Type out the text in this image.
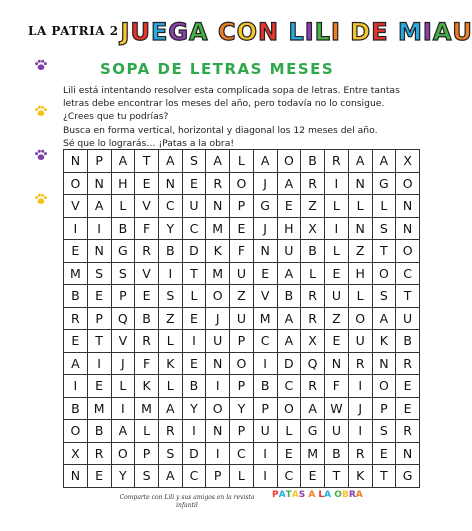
LA PATRIA 2 JUEGA CON LILI DE MIAU
SOPA DE LETRAS MESES

Lili está intentando resolver esta complicada sopa de letras. Entre tantas letras debe encontrar los meses del año, pero todavía no lo consigue. ¿Crees que tu podrías?

Busca en forma vertical, horizontal y diagonal los 12 meses del año.

Sé que lo lograrás… ¡Patas a la obra!

N	P	A	T	A	S	A	L	A	O	B	R	A	A	X
O	N	H	E	N	E	R	O	J	A	R	I	N	G	O
V	A	L	V	C	U	N	P	G	E	Z	L	L	L	N
I	I	B	F	Y	C	M	E	J	H	X	I	N	S	N
E	N	G	R	B	D	K	F	N	U	B	L	Z	T	O
M	S	S	V	I	T	M	U	E	A	L	E	H	O	C
B	E	P	E	S	L	O	Z	V	B	R	U	L	S	T
R	P	Q	B	Z	E	J	U	M	A	R	Z	O	A	U
E	T	V	R	L	I	U	P	C	A	X	E	U	K	B
A	I	J	F	K	E	N	O	I	D	Q	N	R	N	R
I	E	L	K	L	B	I	P	B	C	R	F	I	O	E
B	M	I	M	A	Y	O	Y	P	O	A	W	J	P	E
O	B	A	L	R	I	N	P	U	L	G	U	I	S	R
X	R	O	P	S	D	I	C	I	E	M	B	R	E	N
N	E	Y	S	A	C	P	L	I	C	E	T	K	T	G
Comparte con Lili y sus amigos en la revista infantil
PATAS A LA OBRA
